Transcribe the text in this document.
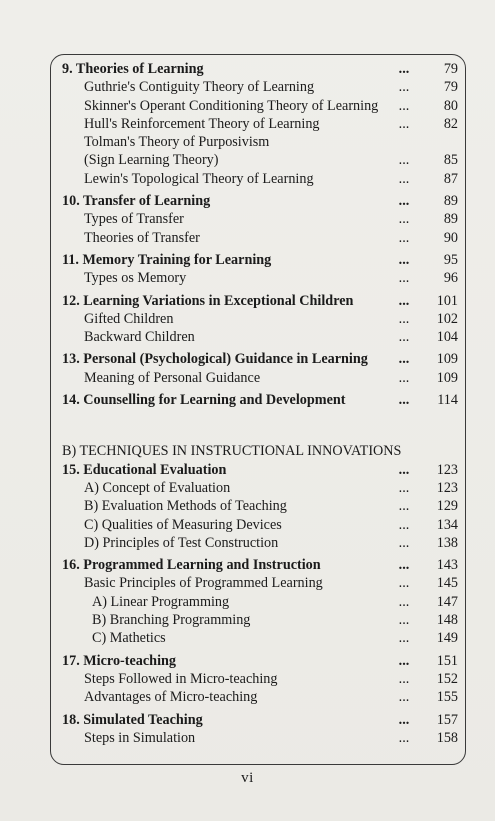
9. Theories of Learning	...	79
Guthrie's Contiguity Theory of Learning	...	79
Skinner's Operant Conditioning Theory of Learning	...	80
Hull's Reinforcement Theory of Learning	...	82
Tolman's Theory of Purposivism
(Sign Learning Theory)	...	85
Lewin's Topological Theory of Learning	...	87
10. Transfer of Learning	...	89
Types of Transfer	...	89
Theories of Transfer	...	90
11. Memory Training for Learning	...	95
Types os Memory	...	96
12. Learning Variations in Exceptional Children	...	101
Gifted Children	...	102
Backward Children	...	104
13. Personal (Psychological) Guidance in Learning	...	109
Meaning of Personal Guidance	...	109
14. Counselling for Learning and Development	...	114
B) TECHNIQUES IN INSTRUCTIONAL INNOVATIONS
15. Educational Evaluation	...	123
A) Concept of Evaluation	...	123
B) Evaluation Methods of Teaching	...	129
C) Qualities of Measuring Devices	...	134
D) Principles of Test Construction	...	138
16. Programmed Learning and Instruction	...	143
Basic Principles of Programmed Learning	...	145
A) Linear Programming	...	147
B) Branching Programming	...	148
C) Mathetics	...	149
17. Micro-teaching	...	151
Steps Followed in Micro-teaching	...	152
Advantages of Micro-teaching	...	155
18. Simulated Teaching	...	157
Steps in Simulation	...	158
vi
